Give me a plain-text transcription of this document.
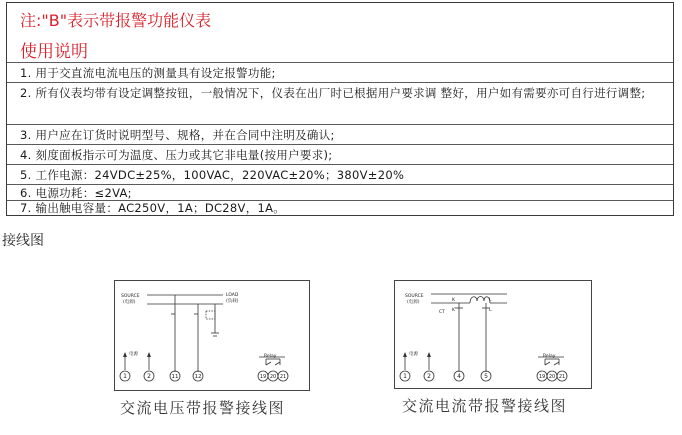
注:"B"表示带报警功能仪表
使用说明
1. 用于交直流电流电压的测量具有设定报警功能;
2. 所有仪表均带有设定调整按钮，一般情况下，仪表在出厂时已根据用户要求调 整好，用户如有需要亦可自行进行调整;
3. 用户应在订货时说明型号、规格，并在合同中注明及确认;
4. 刻度面板指示可为温度、压力或其它非电量(按用户要求);
5. 工作电源：24VDC±25%，100VAC，220VAC±20%；380V±20%
6. 电源功耗：≤2VA;
7. 输出触电容量：AC250V，1A；DC28V，1A。
接线图
SOURCE
(电源)
LOAD
(负载)
电源	Relay
1	2	11	12	19 20 21
交流电压带报警接线图
SOURCE
(电源)
CT
K	L
K	L
电源	Relay
1	2	4	5	19 20 21
交流电流带报警接线图
